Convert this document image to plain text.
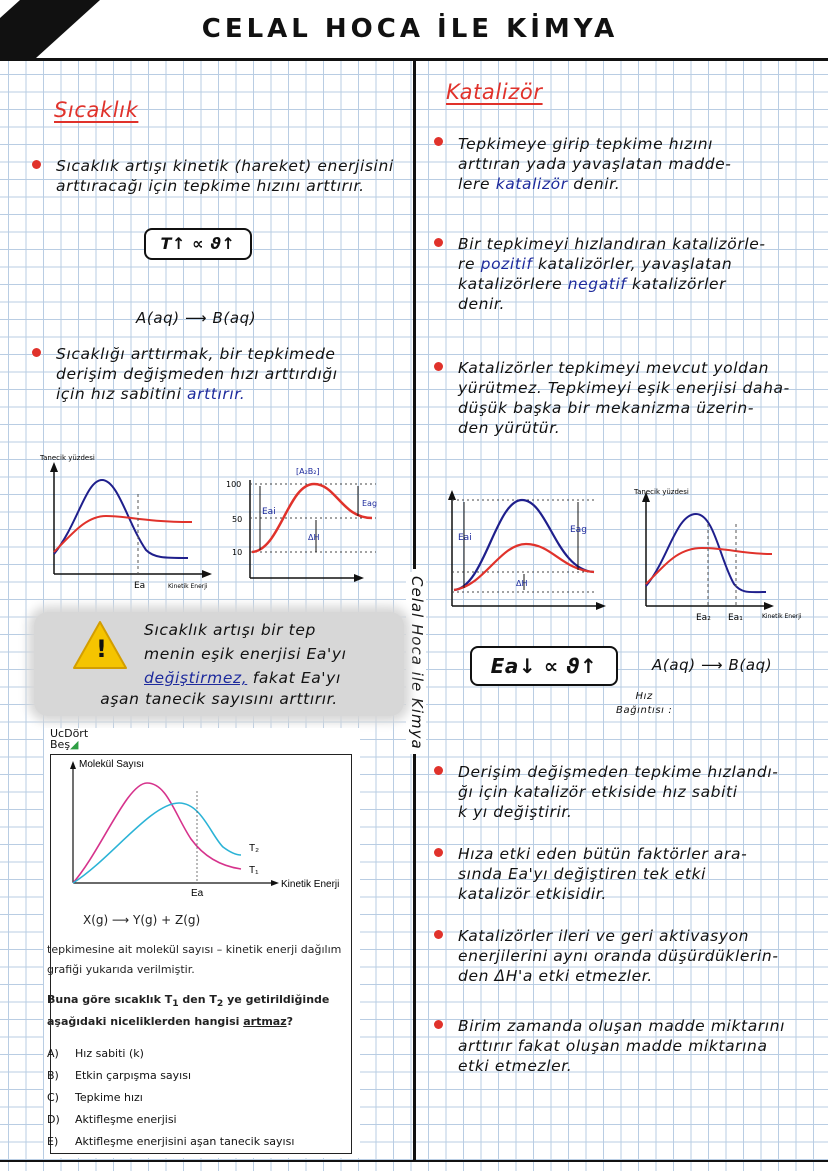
CELAL HOCA İLE KİMYA
Celal Hoca ile Kimya
Sıcaklık
Sıcaklık artışı kinetik (hareket) enerjisini
arttıracağı için tepkime hızını arttırır.
T↑ ∝ ϑ↑
A(aq) ⟶ B(aq)
Sıcaklığı arttırmak, bir tepkimede
derişim değişmeden hızı arttırdığı
için hız sabitini arttırır.
Tanecik yüzdesi
Ea	Kinetik Enerji
100
50
10
[A₂B₂]
Eai
ΔH
Eag
!
Sıcaklık artışı bir tep
menin eşik enerjisi Ea'yı
değiştirmez, fakat Ea'yı
aşan tanecik sayısını arttırır.
UcDört
Beş◢
Molekül Sayısı
Ea
Kinetik Enerji
T₂
T₁
X(g) ⟶ Y(g) + Z(g)
tepkimesine ait molekül sayısı – kinetik enerji dağılım
grafiği yukarıda verilmiştir.
Buna göre sıcaklık $T_1$ den $T_2$ ye getirildiğinde
aşağıdaki niceliklerden hangisi artmaz?
A) Hız sabiti (k)
B) Etkin çarpışma sayısı
C) Tepkime hızı
D) Aktifleşme enerjisi
E) Aktifleşme enerjisini aşan tanecik sayısı
Katalizör
Tepkimeye girip tepkime hızını
arttıran yada yavaşlatan madde-
lere katalizör denir.
Bir tepkimeyi hızlandıran katalizörle-
re pozitif katalizörler, yavaşlatan
katalizörlere negatif katalizörler
denir.
Katalizörler tepkimeyi mevcut yoldan
yürütmez. Tepkimeyi eşik enerjisi daha-
düşük başka bir mekanizma üzerin-
den yürütür.
Eai
Eag
ΔH
Tanecik yüzdesi
Ea₂ Ea₁	Kinetik Enerji
Ea↓ ∝ ϑ↑	A(aq) ⟶ B(aq)
Hız
Bağıntısı :
Derişim değişmeden tepkime hızlandı-
ğı için katalizör etkiside hız sabiti
k yı değiştirir.
Hıza etki eden bütün faktörler ara-
sında Ea'yı değiştiren tek etki
katalizör etkisidir.
Katalizörler ileri ve geri aktivasyon
enerjilerini aynı oranda düşürdüklerin-
den ΔH'a etki etmezler.
Birim zamanda oluşan madde miktarını
arttırır fakat oluşan madde miktarına
etki etmezler.
